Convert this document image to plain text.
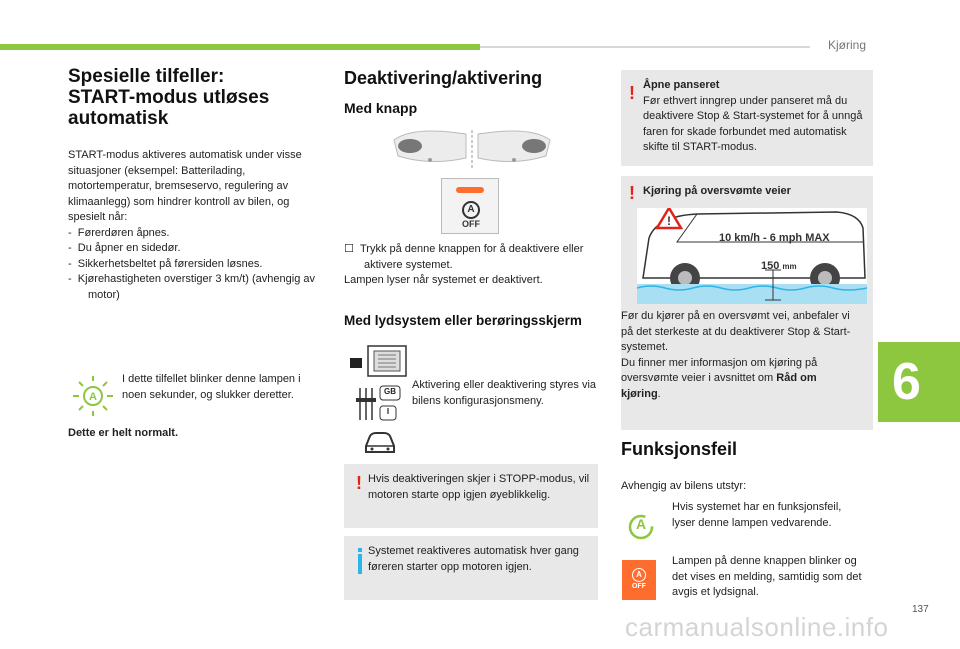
Kjøring
6
137
carmanualsonline.info
Spesielle tilfeller:
START-modus utløses
automatisk

START-modus aktiveres automatisk under visse situasjoner (eksempel: Batterilading, motortemperatur, bremseservo, regulering av klimaanlegg) som hindrer kontroll av bilen, og spesielt når:

-  Førerdøren åpnes.

-  Du åpner en sidedør.

-  Sikkerhetsbeltet på førersiden løsnes.

-  Kjørehastigheten overstiger 3 km/t) (avhengig av motor)

A
I dette tilfellet blinker denne lampen i noen sekunder, og slukker deretter.
Dette er helt normalt.
Deaktivering/aktivering
Med knapp
A
OFF

☐  Trykk på denne knappen for å deaktivere eller aktivere systemet.

Lampen lyser når systemet er deaktivert.

Med lydsystem eller berøringsskjerm
GB
I
Aktivering eller deaktivering styres via bilens konfigurasjonsmeny.
! Hvis deaktiveringen skjer i STOPP-modus, vil motoren starte opp igjen øyeblikkelig.
Systemet reaktiveres automatisk hver gang føreren starter opp motoren igjen.
! Åpne panseret

Før ethvert inngrep under panseret må du deaktivere Stop & Start-systemet for å unngå faren for skade forbundet med automatisk skifte til START-modus.

! Kjøring på oversvømte veier
!
10 km/h - 6 mph MAX
150 mm

Før du kjører på en oversvømt vei, anbefaler vi på det sterkeste at du deaktiverer Stop & Start-systemet.

Du finner mer informasjon om kjøring på oversvømte veier i avsnittet om Råd om kjøring.

Funksjonsfeil
Avhengig av bilens utstyr:
A
Hvis systemet har en funksjonsfeil, lyser denne lampen vedvarende.
A
OFF
Lampen på denne knappen blinker og det vises en melding, samtidig som det avgis et lydsignal.
